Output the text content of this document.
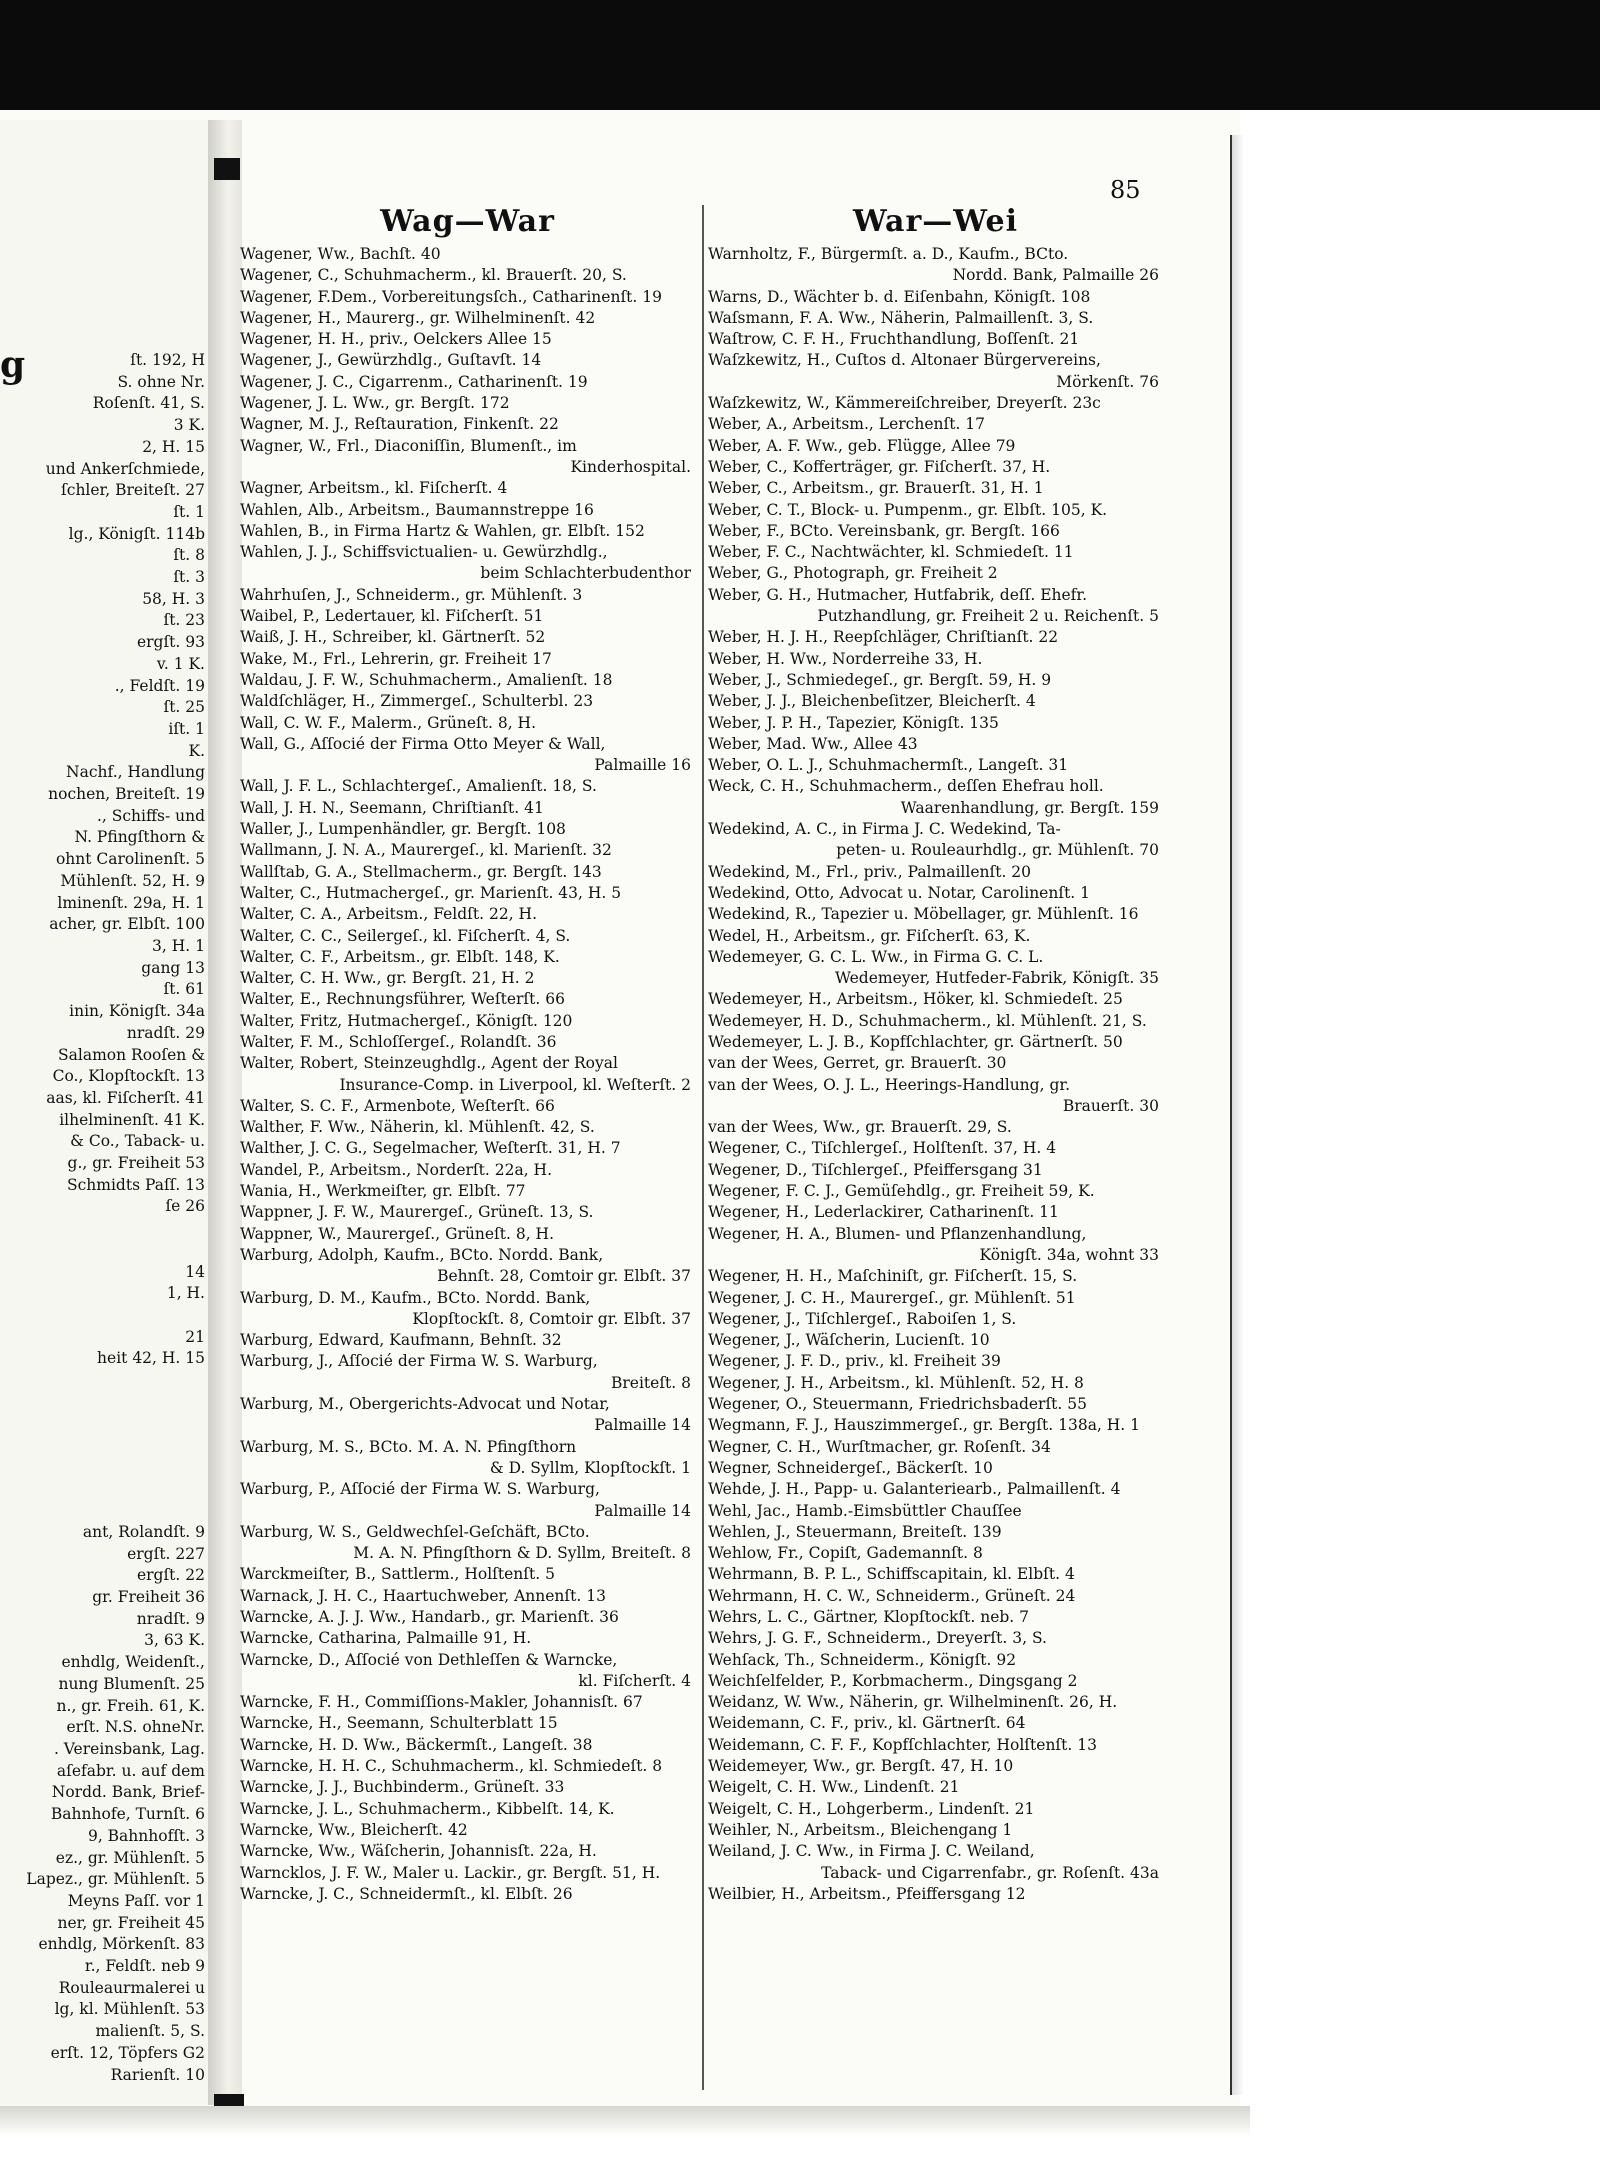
g	ſt. 192, H
S. ohne Nr.
Roſenſt. 41, S.
3 K.
2, H. 15
und Ankerſchmiede,
ſchler, Breiteſt. 27
ſt. 1
lg., Königſt. 114b
ſt. 8
ſt. 3
58, H. 3
ſt. 23
ergſt. 93
v. 1 K.
., Feldſt. 19
ſt. 25
iſt. 1
K.
Nachf., Handlung
nochen, Breiteſt. 19
., Schiffs- und
N. Pfingſthorn &
ohnt Carolinenſt. 5
Mühlenſt. 52, H. 9
lminenſt. 29a, H. 1
acher, gr. Elbſt. 100
3, H. 1
gang 13
ſt. 61
inin, Königſt. 34a
nradſt. 29
Salamon Rooſen &
Co., Klopſtockſt. 13
aas, kl. Fiſcherſt. 41
ilhelminenſt. 41 K.
& Co., Taback- u.
g., gr. Freiheit 53
Schmidts Paſſ. 13
ſe 26

14
1, H.

21
heit 42, H. 15

ant, Rolandſt. 9
ergſt. 227
ergſt. 22
gr. Freiheit 36
nradſt. 9
3, 63 K.
enhdlg, Weidenſt.,
nung Blumenſt. 25
n., gr. Freih. 61, K.
erſt. N.S. ohneNr.
. Vereinsbank, Lag.
aſefabr. u. auf dem
Nordd. Bank, Brief-
Bahnhofe, Turnſt. 6
9, Bahnhofſt. 3
ez., gr. Mühlenſt. 5
Lapez., gr. Mühlenſt. 5
Meyns Paſſ. vor 1
ner, gr. Freiheit 45
enhdlg, Mörkenſt. 83
r., Feldſt. neb 9
Rouleaurmalerei u
lg, kl. Mühlenſt. 53
malienſt. 5, S.
erſt. 12, Töpfers G2
Rarienſt. 10
85
Wag—War
Wagener, Ww., Bachſt. 40
Wagener, C., Schuhmacherm., kl. Brauerſt. 20, S.
Wagener, F.Dem., Vorbereitungsſch., Catharinenſt. 19
Wagener, H., Maurerg., gr. Wilhelminenſt. 42
Wagener, H. H., priv., Oelckers Allee 15
Wagener, J., Gewürzhdlg., Guſtavſt. 14
Wagener, J. C., Cigarrenm., Catharinenſt. 19
Wagener, J. L. Ww., gr. Bergſt. 172
Wagner, M. J., Reſtauration, Finkenſt. 22
Wagner, W., Frl., Diaconiſſin, Blumenſt., im
Kinderhospital.
Wagner, Arbeitsm., kl. Fiſcherſt. 4
Wahlen, Alb., Arbeitsm., Baumannstreppe 16
Wahlen, B., in Firma Hartz & Wahlen, gr. Elbſt. 152
Wahlen, J. J., Schiffsvictualien- u. Gewürzhdlg.,
beim Schlachterbudenthor
Wahrhuſen, J., Schneiderm., gr. Mühlenſt. 3
Waibel, P., Ledertauer, kl. Fiſcherſt. 51
Waiß, J. H., Schreiber, kl. Gärtnerſt. 52
Wake, M., Frl., Lehrerin, gr. Freiheit 17
Waldau, J. F. W., Schuhmacherm., Amalienſt. 18
Waldſchläger, H., Zimmergeſ., Schulterbl. 23
Wall, C. W. F., Malerm., Grüneſt. 8, H.
Wall, G., Aſſocié der Firma Otto Meyer & Wall,
Palmaille 16
Wall, J. F. L., Schlachtergeſ., Amalienſt. 18, S.
Wall, J. H. N., Seemann, Chriſtianſt. 41
Waller, J., Lumpenhändler, gr. Bergſt. 108
Wallmann, J. N. A., Maurergeſ., kl. Marienſt. 32
Wallſtab, G. A., Stellmacherm., gr. Bergſt. 143
Walter, C., Hutmachergeſ., gr. Marienſt. 43, H. 5
Walter, C. A., Arbeitsm., Feldſt. 22, H.
Walter, C. C., Seilergeſ., kl. Fiſcherſt. 4, S.
Walter, C. F., Arbeitsm., gr. Elbſt. 148, K.
Walter, C. H. Ww., gr. Bergſt. 21, H. 2
Walter, E., Rechnungsführer, Weſterſt. 66
Walter, Fritz, Hutmachergeſ., Königſt. 120
Walter, F. M., Schloſſergeſ., Rolandſt. 36
Walter, Robert, Steinzeughdlg., Agent der Royal
Insurance-Comp. in Liverpool, kl. Weſterſt. 2
Walter, S. C. F., Armenbote, Weſterſt. 66
Walther, F. Ww., Näherin, kl. Mühlenſt. 42, S.
Walther, J. C. G., Segelmacher, Weſterſt. 31, H. 7
Wandel, P., Arbeitsm., Norderſt. 22a, H.
Wania, H., Werkmeiſter, gr. Elbſt. 77
Wappner, J. F. W., Maurergeſ., Grüneſt. 13, S.
Wappner, W., Maurergeſ., Grüneſt. 8, H.
Warburg, Adolph, Kaufm., BCto. Nordd. Bank,
Behnſt. 28, Comtoir gr. Elbſt. 37
Warburg, D. M., Kaufm., BCto. Nordd. Bank,
Klopſtockſt. 8, Comtoir gr. Elbſt. 37
Warburg, Edward, Kaufmann, Behnſt. 32
Warburg, J., Aſſocié der Firma W. S. Warburg,
Breiteſt. 8
Warburg, M., Obergerichts-Advocat und Notar,
Palmaille 14
Warburg, M. S., BCto. M. A. N. Pfingſthorn
& D. Syllm, Klopſtockſt. 1
Warburg, P., Aſſocié der Firma W. S. Warburg,
Palmaille 14
Warburg, W. S., Geldwechſel-Geſchäft, BCto.
M. A. N. Pfingſthorn & D. Syllm, Breiteſt. 8
Warckmeiſter, B., Sattlerm., Holſtenſt. 5
Warnack, J. H. C., Haartuchweber, Annenſt. 13
Warncke, A. J. J. Ww., Handarb., gr. Marienſt. 36
Warncke, Catharina, Palmaille 91, H.
Warncke, D., Aſſocié von Dethleſſen & Warncke,
kl. Fiſcherſt. 4
Warncke, F. H., Commiſſions-Makler, Johannisſt. 67
Warncke, H., Seemann, Schulterblatt 15
Warncke, H. D. Ww., Bäckermſt., Langeſt. 38
Warncke, H. H. C., Schuhmacherm., kl. Schmiedeſt. 8
Warncke, J. J., Buchbinderm., Grüneſt. 33
Warncke, J. L., Schuhmacherm., Kibbelſt. 14, K.
Warncke, Ww., Bleicherſt. 42
Warncke, Ww., Wäſcherin, Johannisſt. 22a, H.
Warncklos, J. F. W., Maler u. Lackir., gr. Bergſt. 51, H.
Warncke, J. C., Schneidermſt., kl. Elbſt. 26
War—Wei
Warnholtz, F., Bürgermſt. a. D., Kaufm., BCto.
Nordd. Bank, Palmaille 26
Warns, D., Wächter b. d. Eiſenbahn, Königſt. 108
Waſsmann, F. A. Ww., Näherin, Palmaillenſt. 3, S.
Waſtrow, C. F. H., Fruchthandlung, Boſſenſt. 21
Waſzkewitz, H., Cuſtos d. Altonaer Bürgervereins,
Mörkenſt. 76
Waſzkewitz, W., Kämmereiſchreiber, Dreyerſt. 23c
Weber, A., Arbeitsm., Lerchenſt. 17
Weber, A. F. Ww., geb. Flügge, Allee 79
Weber, C., Kofferträger, gr. Fiſcherſt. 37, H.
Weber, C., Arbeitsm., gr. Brauerſt. 31, H. 1
Weber, C. T., Block- u. Pumpenm., gr. Elbſt. 105, K.
Weber, F., BCto. Vereinsbank, gr. Bergſt. 166
Weber, F. C., Nachtwächter, kl. Schmiedeſt. 11
Weber, G., Photograph, gr. Freiheit 2
Weber, G. H., Hutmacher, Hutfabrik, deſſ. Ehefr.
Putzhandlung, gr. Freiheit 2 u. Reichenſt. 5
Weber, H. J. H., Reepſchläger, Chriſtianſt. 22
Weber, H. Ww., Norderreihe 33, H.
Weber, J., Schmiedegeſ., gr. Bergſt. 59, H. 9
Weber, J. J., Bleichenbeſitzer, Bleicherſt. 4
Weber, J. P. H., Tapezier, Königſt. 135
Weber, Mad. Ww., Allee 43
Weber, O. L. J., Schuhmachermſt., Langeſt. 31
Weck, C. H., Schuhmacherm., deſſen Ehefrau holl.
Waarenhandlung, gr. Bergſt. 159
Wedekind, A. C., in Firma J. C. Wedekind, Ta-
peten- u. Rouleaurhdlg., gr. Mühlenſt. 70
Wedekind, M., Frl., priv., Palmaillenſt. 20
Wedekind, Otto, Advocat u. Notar, Carolinenſt. 1
Wedekind, R., Tapezier u. Möbellager, gr. Mühlenſt. 16
Wedel, H., Arbeitsm., gr. Fiſcherſt. 63, K.
Wedemeyer, G. C. L. Ww., in Firma G. C. L.
Wedemeyer, Hutfeder-Fabrik, Königſt. 35
Wedemeyer, H., Arbeitsm., Höker, kl. Schmiedeſt. 25
Wedemeyer, H. D., Schuhmacherm., kl. Mühlenſt. 21, S.
Wedemeyer, L. J. B., Kopfſchlachter, gr. Gärtnerſt. 50
van der Wees, Gerret, gr. Brauerſt. 30
van der Wees, O. J. L., Heerings-Handlung, gr.
Brauerſt. 30
van der Wees, Ww., gr. Brauerſt. 29, S.
Wegener, C., Tiſchlergeſ., Holſtenſt. 37, H. 4
Wegener, D., Tiſchlergeſ., Pfeiffersgang 31
Wegener, F. C. J., Gemüſehdlg., gr. Freiheit 59, K.
Wegener, H., Lederlackirer, Catharinenſt. 11
Wegener, H. A., Blumen- und Pflanzenhandlung,
Königſt. 34a, wohnt 33
Wegener, H. H., Maſchiniſt, gr. Fiſcherſt. 15, S.
Wegener, J. C. H., Maurergeſ., gr. Mühlenſt. 51
Wegener, J., Tiſchlergeſ., Raboiſen 1, S.
Wegener, J., Wäſcherin, Lucienſt. 10
Wegener, J. F. D., priv., kl. Freiheit 39
Wegener, J. H., Arbeitsm., kl. Mühlenſt. 52, H. 8
Wegener, O., Steuermann, Friedrichsbaderſt. 55
Wegmann, F. J., Hauszimmergeſ., gr. Bergſt. 138a, H. 1
Wegner, C. H., Wurſtmacher, gr. Roſenſt. 34
Wegner, Schneidergeſ., Bäckerſt. 10
Wehde, J. H., Papp- u. Galanteriearb., Palmaillenſt. 4
Wehl, Jac., Hamb.-Eimsbüttler Chauſſee
Wehlen, J., Steuermann, Breiteſt. 139
Wehlow, Fr., Copiſt, Gademannſt. 8
Wehrmann, B. P. L., Schiffscapitain, kl. Elbſt. 4
Wehrmann, H. C. W., Schneiderm., Grüneſt. 24
Wehrs, L. C., Gärtner, Klopſtockſt. neb. 7
Wehrs, J. G. F., Schneiderm., Dreyerſt. 3, S.
Wehſack, Th., Schneiderm., Königſt. 92
Weichſelfelder, P., Korbmacherm., Dingsgang 2
Weidanz, W. Ww., Näherin, gr. Wilhelminenſt. 26, H.
Weidemann, C. F., priv., kl. Gärtnerſt. 64
Weidemann, C. F. F., Kopfſchlachter, Holſtenſt. 13
Weidemeyer, Ww., gr. Bergſt. 47, H. 10
Weigelt, C. H. Ww., Lindenſt. 21
Weigelt, C. H., Lohgerberm., Lindenſt. 21
Weihler, N., Arbeitsm., Bleichengang 1
Weiland, J. C. Ww., in Firma J. C. Weiland,
Taback- und Cigarrenfabr., gr. Roſenſt. 43a
Weilbier, H., Arbeitsm., Pfeiffersgang 12
